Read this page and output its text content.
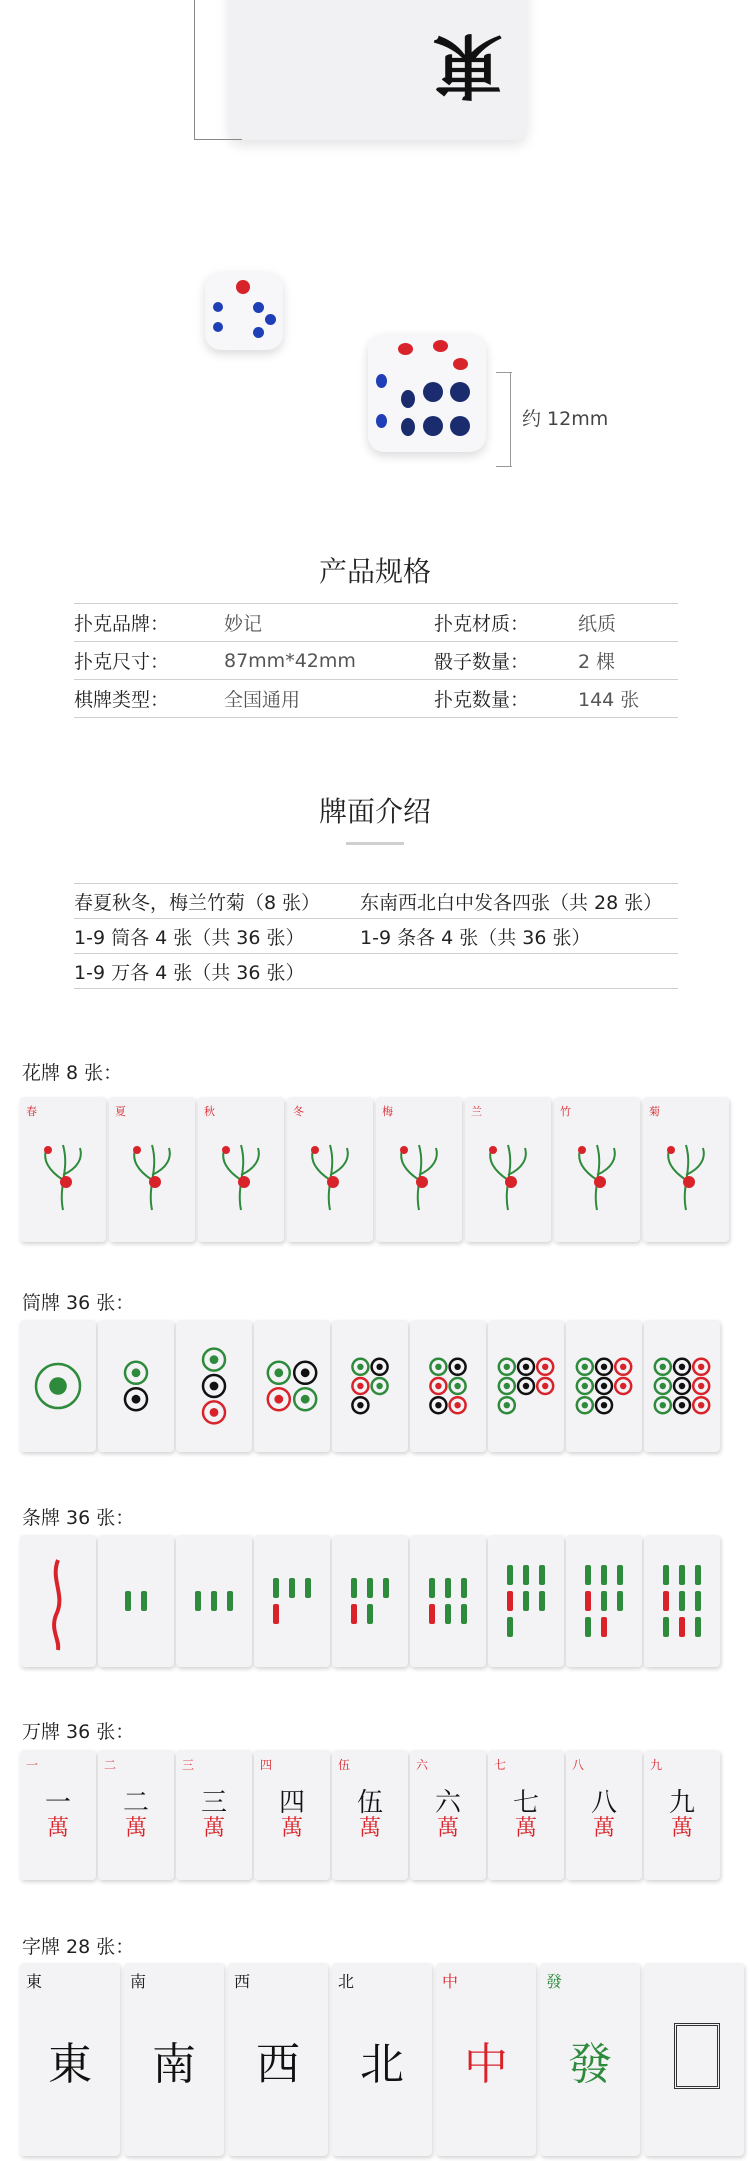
東
约 12mm
产品规格
扑克品牌：	妙记	扑克材质：	纸质
扑克尺寸：	87mm*42mm	骰子数量：	2 棵
棋牌类型：	全国通用	扑克数量：	144 张
牌面介绍
春夏秋冬，梅兰竹菊（8 张）	东南西北白中发各四张（共 28 张）
1-9 筒各 4 张（共 36 张）	1-9 条各 4 张（共 36 张）
1-9 万各 4 张（共 36 张）
花牌 8 张：
筒牌 36 张：
条牌 36 张：
万牌 36 张：
字牌 28 张：
春	夏	秋	冬	梅	兰	竹	菊
一
一
萬
二
二
萬
三
三
萬
四
四
萬
伍
伍
萬
六
六
萬
七
七
萬
八
八
萬
九
九
萬
東
東
南
南
西
西
北
北
中
中
發
發
